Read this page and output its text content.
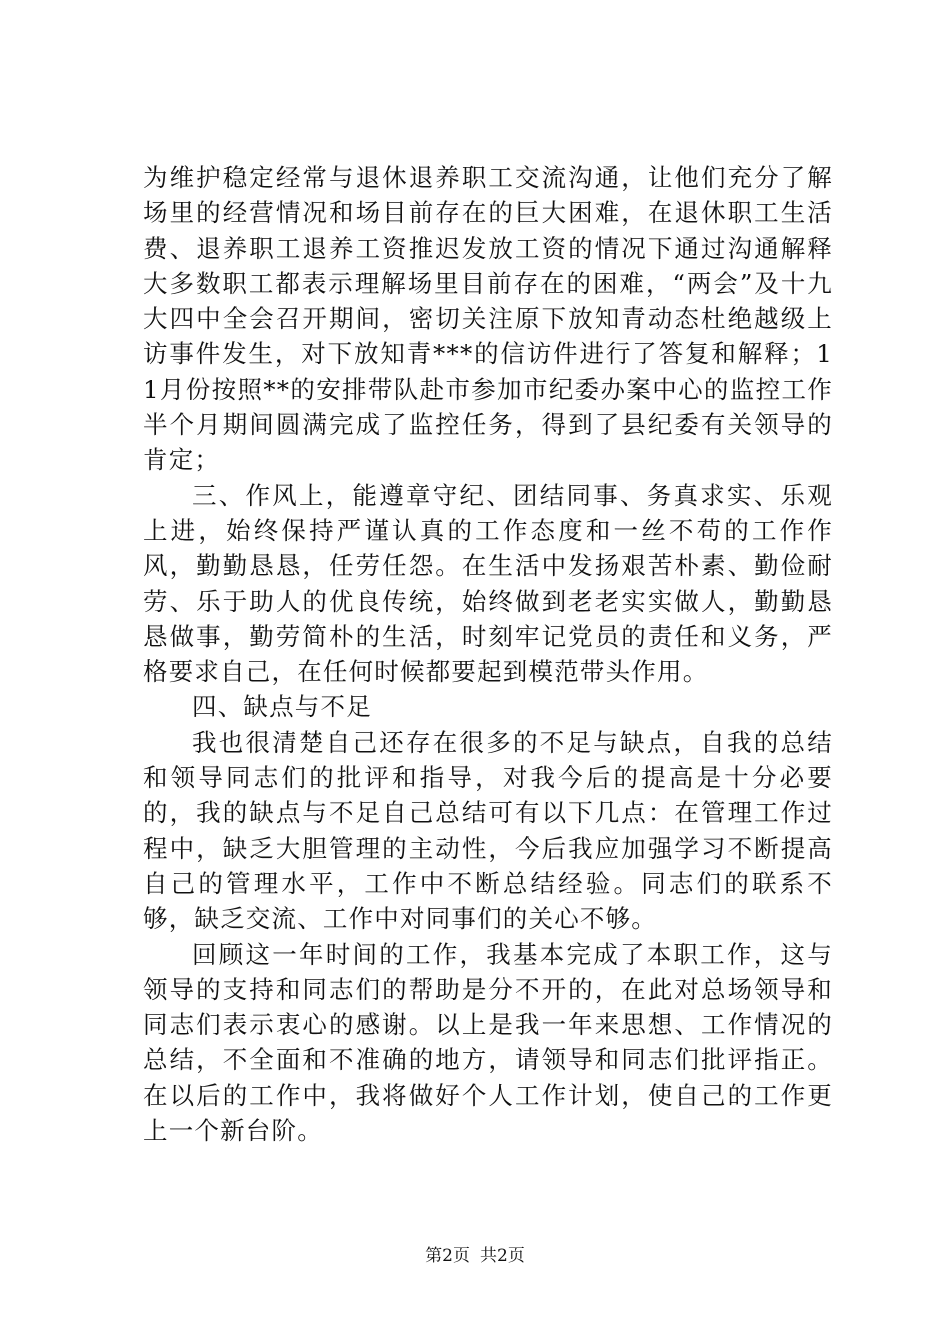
为维护稳定经常与退休退养职工交流沟通，让他们充分了解场里的经营情况和场目前存在的巨大困难，在退休职工生活费、退养职工退养工资推迟发放工资的情况下通过沟通解释大多数职工都表示理解场里目前存在的困难，“两会”及十九大四中全会召开期间，密切关注原下放知青动态杜绝越级上访事件发生，对下放知青***的信访件进行了答复和解释；11月份按照**的安排带队赴市参加市纪委办案中心的监控工作半个月期间圆满完成了监控任务，得到了县纪委有关领导的肯定；

三、作风上，能遵章守纪、团结同事、务真求实、乐观上进，始终保持严谨认真的工作态度和一丝不苟的工作作风，勤勤恳恳，任劳任怨。在生活中发扬艰苦朴素、勤俭耐劳、乐于助人的优良传统，始终做到老老实实做人，勤勤恳恳做事，勤劳简朴的生活，时刻牢记党员的责任和义务，严格要求自己，在任何时候都要起到模范带头作用。

四、缺点与不足

我也很清楚自己还存在很多的不足与缺点，自我的总结和领导同志们的批评和指导，对我今后的提高是十分必要的，我的缺点与不足自己总结可有以下几点：在管理工作过程中，缺乏大胆管理的主动性，今后我应加强学习不断提高自己的管理水平，工作中不断总结经验。同志们的联系不够，缺乏交流、工作中对同事们的关心不够。

回顾这一年时间的工作，我基本完成了本职工作，这与领导的支持和同志们的帮助是分不开的，在此对总场领导和同志们表示衷心的感谢。以上是我一年来思想、工作情况的总结，不全面和不准确的地方，请领导和同志们批评指正。在以后的工作中，我将做好个人工作计划，使自己的工作更上一个新台阶。

第2页 共2页
